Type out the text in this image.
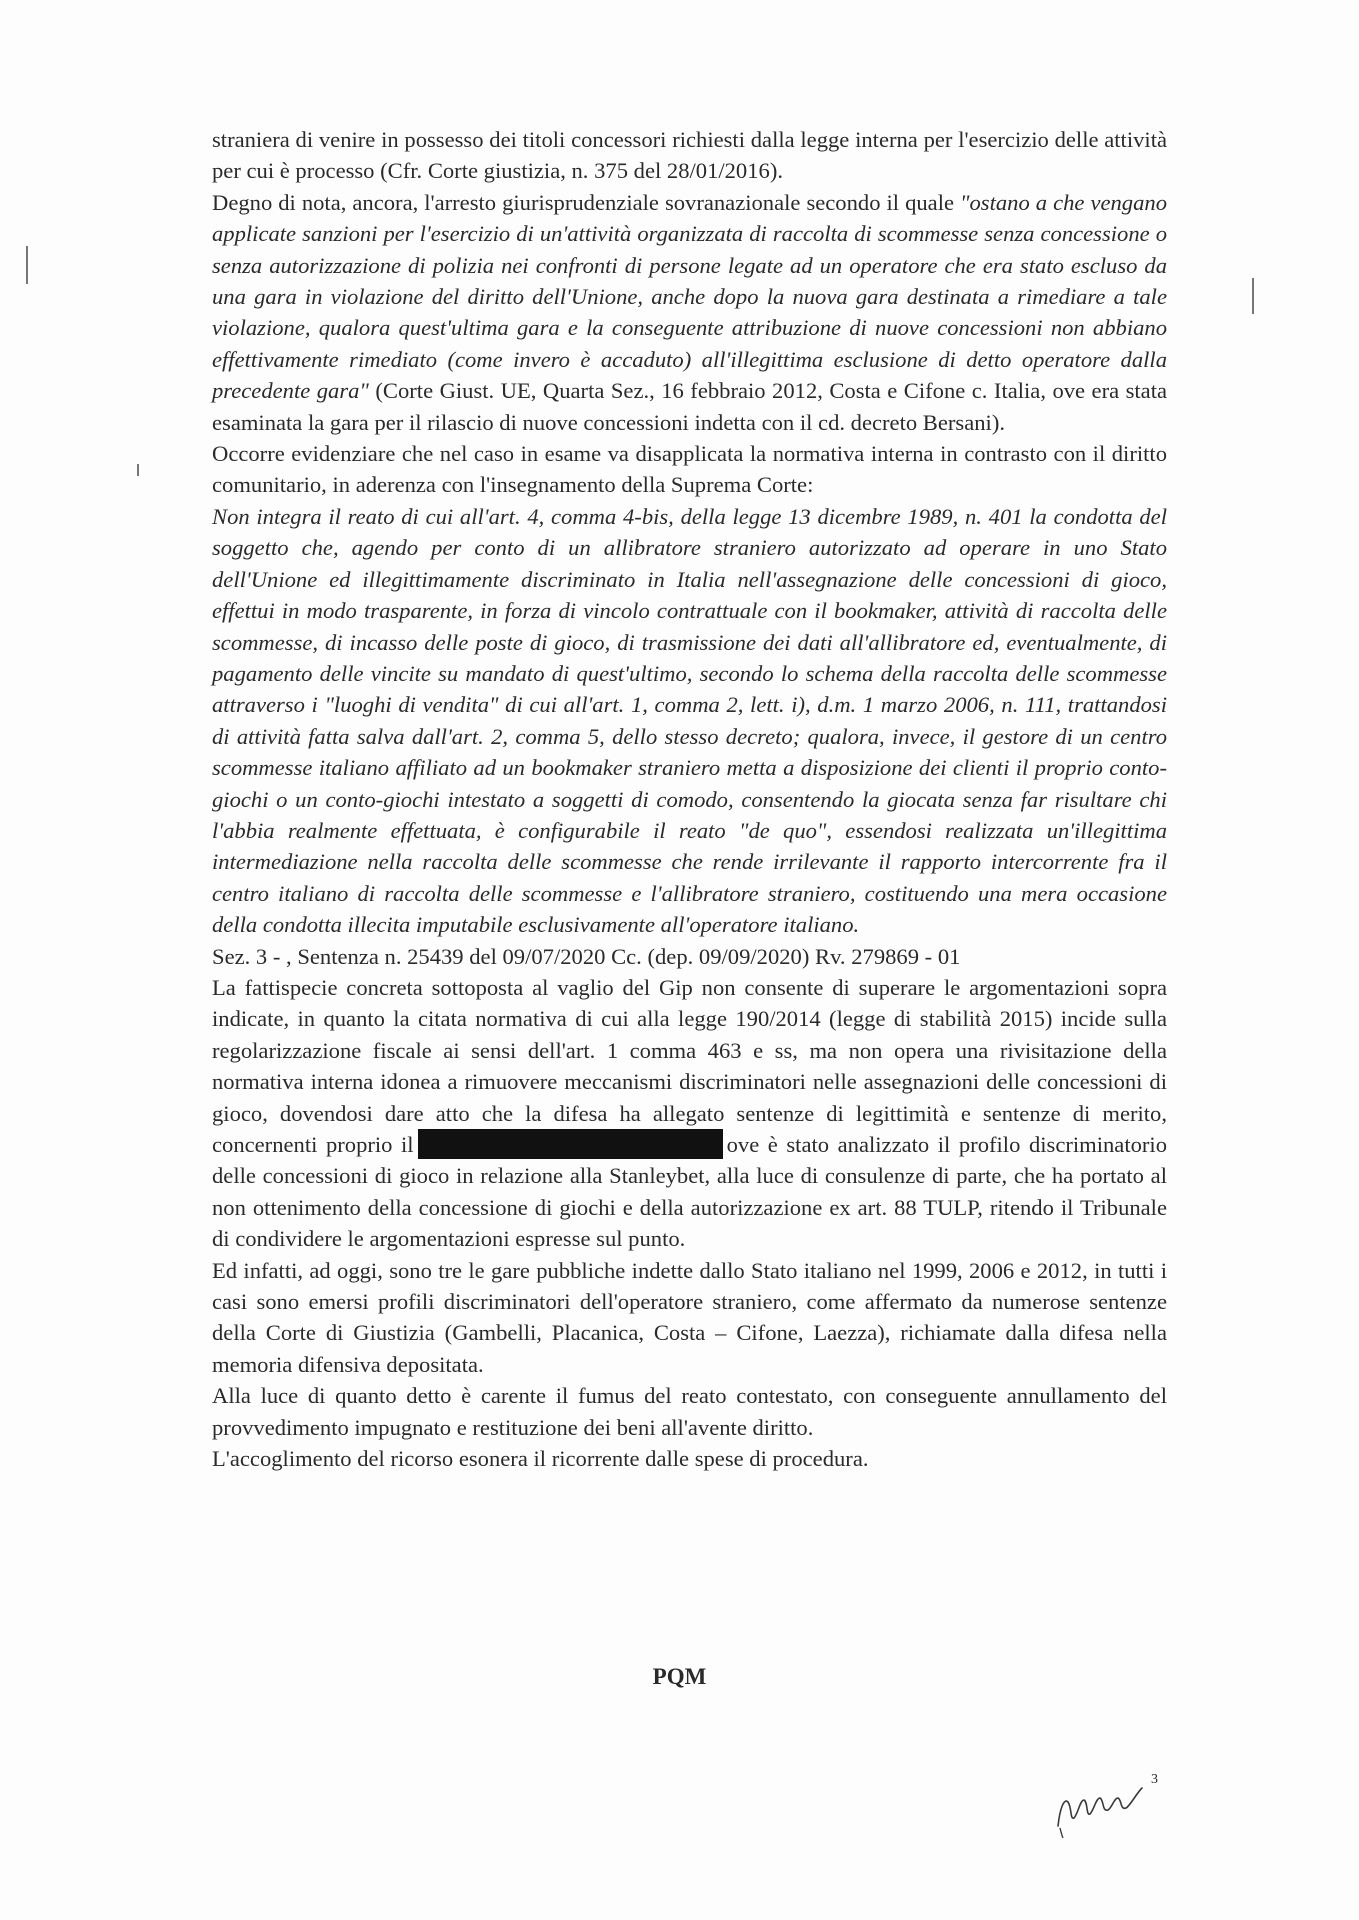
straniera di venire in possesso dei titoli concessori richiesti dalla legge interna per l'esercizio delle attività per cui è processo (Cfr. Corte giustizia, n. 375 del 28/01/2016).

Degno di nota, ancora, l'arresto giurisprudenziale sovranazionale secondo il quale "ostano a che vengano applicate sanzioni per l'esercizio di un'attività organizzata di raccolta di scommesse senza concessione o senza autorizzazione di polizia nei confronti di persone legate ad un operatore che era stato escluso da una gara in violazione del diritto dell'Unione, anche dopo la nuova gara destinata a rimediare a tale violazione, qualora quest'ultima gara e la conseguente attribuzione di nuove concessioni non abbiano effettivamente rimediato (come invero è accaduto) all'illegittima esclusione di detto operatore dalla precedente gara" (Corte Giust. UE, Quarta Sez., 16 febbraio 2012, Costa e Cifone c. Italia, ove era stata esaminata la gara per il rilascio di nuove concessioni indetta con il cd. decreto Bersani).

Occorre evidenziare che nel caso in esame va disapplicata la normativa interna in contrasto con il diritto comunitario, in aderenza con l'insegnamento della Suprema Corte:

Non integra il reato di cui all'art. 4, comma 4-bis, della legge 13 dicembre 1989, n. 401 la condotta del soggetto che, agendo per conto di un allibratore straniero autorizzato ad operare in uno Stato dell'Unione ed illegittimamente discriminato in Italia nell'assegnazione delle concessioni di gioco, effettui in modo trasparente, in forza di vincolo contrattuale con il bookmaker, attività di raccolta delle scommesse, di incasso delle poste di gioco, di trasmissione dei dati all'allibratore ed, eventualmente, di pagamento delle vincite su mandato di quest'ultimo, secondo lo schema della raccolta delle scommesse attraverso i "luoghi di vendita" di cui all'art. 1, comma 2, lett. i), d.m. 1 marzo 2006, n. 111, trattandosi di attività fatta salva dall'art. 2, comma 5, dello stesso decreto; qualora, invece, il gestore di un centro scommesse italiano affiliato ad un bookmaker straniero metta a disposizione dei clienti il proprio conto-giochi o un conto-giochi intestato a soggetti di comodo, consentendo la giocata senza far risultare chi l'abbia realmente effettuata, è configurabile il reato "de quo", essendosi realizzata un'illegittima intermediazione nella raccolta delle scommesse che rende irrilevante il rapporto intercorrente fra il centro italiano di raccolta delle scommesse e l'allibratore straniero, costituendo una mera occasione della condotta illecita imputabile esclusivamente all'operatore italiano.

Sez. 3 - , Sentenza n. 25439 del 09/07/2020 Cc. (dep. 09/09/2020) Rv. 279869 - 01

La fattispecie concreta sottoposta al vaglio del Gip non consente di superare le argomentazioni sopra indicate, in quanto la citata normativa di cui alla legge 190/2014 (legge di stabilità 2015) incide sulla regolarizzazione fiscale ai sensi dell'art. 1 comma 463 e ss, ma non opera una rivisitazione della normativa interna idonea a rimuovere meccanismi discriminatori nelle assegnazioni delle concessioni di gioco, dovendosi dare atto che la difesa ha allegato sentenze di legittimità e sentenze di merito, concernenti proprio il	ove è stato analizzato il profilo discriminatorio delle concessioni di gioco in relazione alla Stanleybet, alla luce di consulenze di parte, che ha portato al non ottenimento della concessione di giochi e della autorizzazione ex art. 88 TULP, ritendo il Tribunale di condividere le argomentazioni espresse sul punto.

Ed infatti, ad oggi, sono tre le gare pubbliche indette dallo Stato italiano nel 1999, 2006 e 2012, in tutti i casi sono emersi profili discriminatori dell'operatore straniero, come affermato da numerose sentenze della Corte di Giustizia (Gambelli, Placanica, Costa – Cifone, Laezza), richiamate dalla difesa nella memoria difensiva depositata.

Alla luce di quanto detto è carente il fumus del reato contestato, con conseguente annullamento del provvedimento impugnato e restituzione dei beni all'avente diritto.

L'accoglimento del ricorso esonera il ricorrente dalle spese di procedura.

PQM
3
